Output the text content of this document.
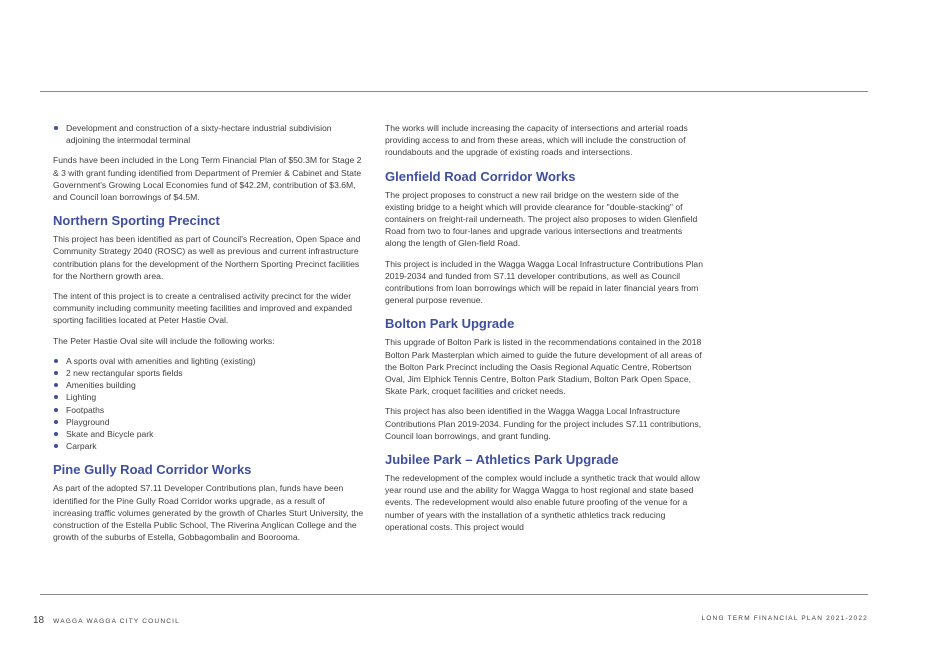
Development and construction of a sixty-hectare industrial subdivision adjoining the intermodal terminal

Funds have been included in the Long Term Financial Plan of $50.3M for Stage 2 & 3 with grant funding identified from Department of Premier & Cabinet and State Government's Growing Local Economies fund of $42.2M, contribution of $3.6M, and Council loan borrowings of $4.5M.

Northern Sporting Precinct

This project has been identified as part of Council's Recreation, Open Space and Community Strategy 2040 (ROSC) as well as previous and current infrastructure contribution plans for the development of the Northern Sporting Precinct facilities for the Northern growth area.

The intent of this project is to create a centralised activity precinct for the wider community including community meeting facilities and improved and expanded sporting facilities located at Peter Hastie Oval.

The Peter Hastie Oval site will include the following works:

A sports oval with amenities and lighting (existing)
2 new rectangular sports fields
Amenities building
Lighting
Footpaths
Playground
Skate and Bicycle park
Carpark
Pine Gully Road Corridor Works

As part of the adopted S7.11 Developer Contributions plan, funds have been identified for the Pine Gully Road Corridor works upgrade, as a result of increasing traffic volumes generated by the growth of Charles Sturt University, the construction of the Estella Public School, The Riverina Anglican College and the growth of the suburbs of Estella, Gobbagombalin and Boorooma.

The works will include increasing the capacity of intersections and arterial roads providing access to and from these areas, which will include the construction of roundabouts and the upgrade of existing roads and intersections.

Glenfield Road Corridor Works

The project proposes to construct a new rail bridge on the western side of the existing bridge to a height which will provide clearance for "double-stacking" of containers on freight-rail underneath. The project also proposes to widen Glenfield Road from two to four-lanes and upgrade various intersections and treatments along the length of Glen-field Road.

This project is included in the Wagga Wagga Local Infrastructure Contributions Plan 2019-2034 and funded from S7.11 developer contributions, as well as Council contributions from loan borrowings which will be repaid in later financial years from general purpose revenue.

Bolton Park Upgrade

This upgrade of Bolton Park is listed in the recommendations contained in the 2018 Bolton Park Masterplan which aimed to guide the future development of all areas of the Bolton Park Precinct including the Oasis Regional Aquatic Centre, Robertson Oval, Jim Elphick Tennis Centre, Bolton Park Stadium, Bolton Park Open Space, Skate Park, croquet facilities and cricket needs.

This project has also been identified in the Wagga Wagga Local Infrastructure Contributions Plan 2019-2034. Funding for the project includes S7.11 contributions, Council loan borrowings, and grant funding.

Jubilee Park – Athletics Park Upgrade

The redevelopment of the complex would include a synthetic track that would allow year round use and the ability for Wagga Wagga to host regional and state based events. The redevelopment would also enable future proofing of the venue for a number of years with the installation of a synthetic athletics track reducing operational costs. This project would

18 WAGGA WAGGA CITY COUNCIL	LONG TERM FINANCIAL PLAN 2021-2022
